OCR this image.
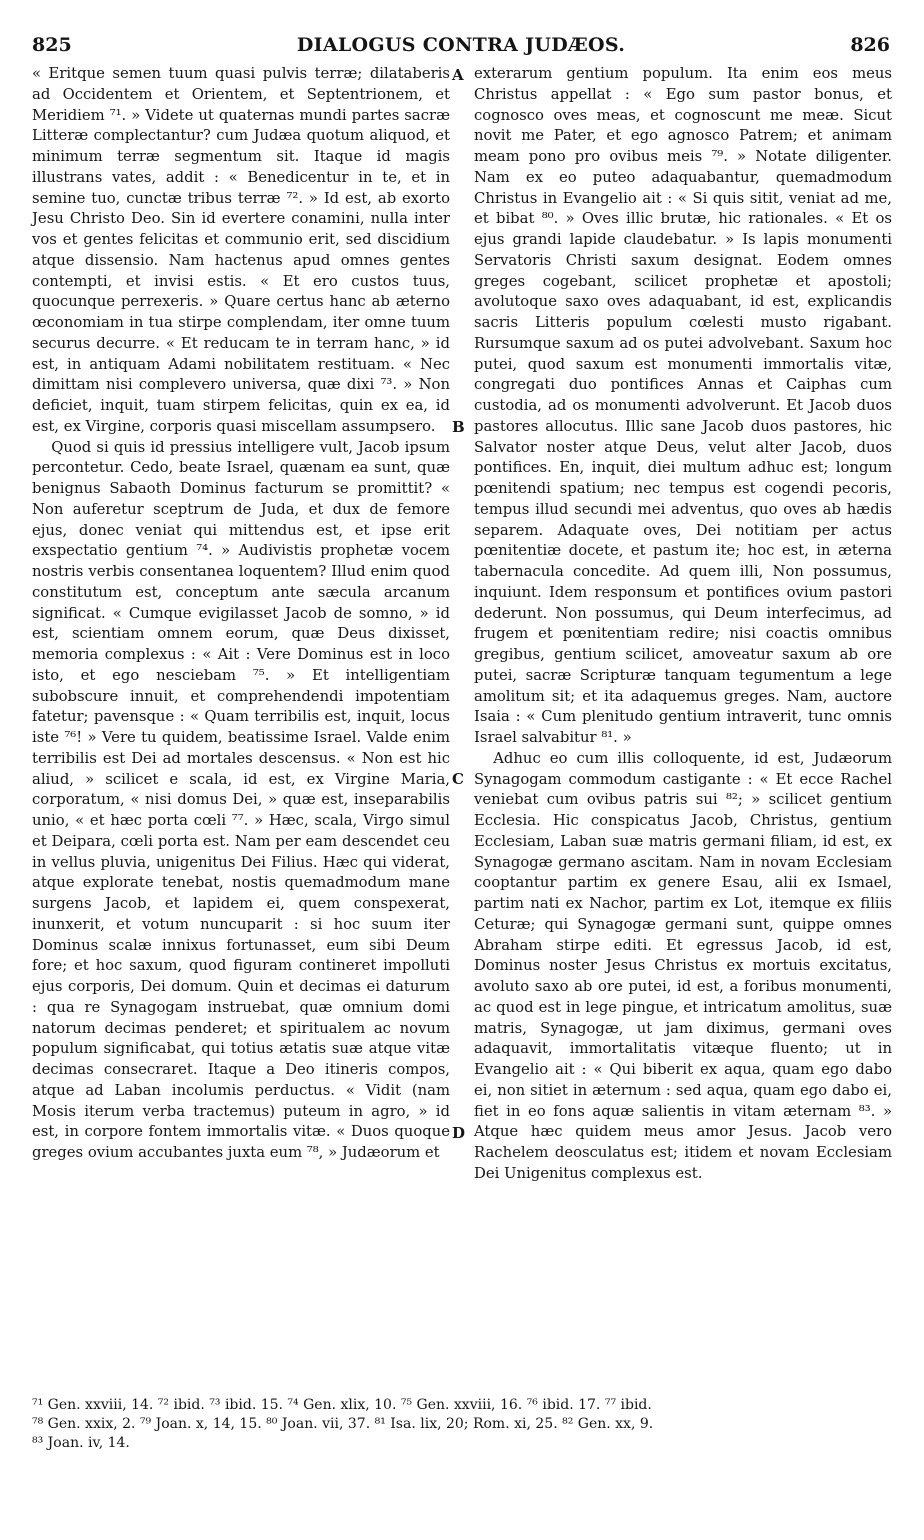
825	DIALOGUS CONTRA JUDÆOS.	826

« Eritque semen tuum quasi pulvis terræ; dilataberis ad Occidentem et Orientem, et Septentrionem, et Meridiem ⁷¹. » Videte ut quaternas mundi partes sacræ Litteræ complectantur? cum Judæa quotum aliquod, et minimum terræ segmentum sit. Itaque id magis illustrans vates, addit : « Benedicentur in te, et in semine tuo, cunctæ tribus terræ ⁷². » Id est, ab exorto Jesu Christo Deo. Sin id evertere conamini, nulla inter vos et gentes felicitas et communio erit, sed discidium atque dissensio. Nam hactenus apud omnes gentes contempti, et invisi estis. « Et ero custos tuus, quocunque perrexeris. » Quare certus hanc ab æterno œconomiam in tua stirpe complendam, iter omne tuum securus decurre. « Et reducam te in terram hanc, » id est, in antiquam Adami nobilitatem restituam. « Nec dimittam nisi complevero universa, quæ dixi ⁷³. » Non deficiet, inquit, tuam stirpem felicitas, quin ex ea, id est, ex Virgine, corporis quasi miscellam assumpsero.

Quod si quis id pressius intelligere vult, Jacob ipsum percontetur. Cedo, beate Israel, quænam ea sunt, quæ benignus Sabaoth Dominus facturum se promittit? « Non auferetur sceptrum de Juda, et dux de femore ejus, donec veniat qui mittendus est, et ipse erit exspectatio gentium ⁷⁴. » Audivistis prophetæ vocem nostris verbis consentanea loquentem? Illud enim quod constitutum est, conceptum ante sæcula arcanum significat. « Cumque evigilasset Jacob de somno, » id est, scientiam omnem eorum, quæ Deus dixisset, memoria complexus : « Ait : Vere Dominus est in loco isto, et ego nesciebam ⁷⁵. » Et intelligentiam subobscure innuit, et comprehendendi impotentiam fatetur; pavensque : « Quam terribilis est, inquit, locus iste ⁷⁶! » Vere tu quidem, beatissime Israel. Valde enim terribilis est Dei ad mortales descensus. « Non est hic aliud, » scilicet e scala, id est, ex Virgine Maria, corporatum, « nisi domus Dei, » quæ est, inseparabilis unio, « et hæc porta cœli ⁷⁷. » Hæc, scala, Virgo simul et Deipara, cœli porta est. Nam per eam descendet ceu in vellus pluvia, unigenitus Dei Filius. Hæc qui viderat, atque explorate tenebat, nostis quemadmodum mane surgens Jacob, et lapidem ei, quem conspexerat, inunxerit, et votum nuncuparit : si hoc suum iter Dominus scalæ innixus fortunasset, eum sibi Deum fore; et hoc saxum, quod figuram contineret impolluti ejus corporis, Dei domum. Quin et decimas ei daturum : qua re Synagogam instruebat, quæ omnium domi natorum decimas penderet; et spiritualem ac novum populum significabat, qui totius ætatis suæ atque vitæ decimas consecraret. Itaque a Deo itineris compos, atque ad Laban incolumis perductus. « Vidit (nam Mosis iterum verba tractemus) puteum in agro, » id est, in corpore fontem immortalis vitæ. « Duos quoque greges ovium accubantes juxta eum ⁷⁸, » Judæorum et

A
B
C
D

exterarum gentium populum. Ita enim eos meus Christus appellat : « Ego sum pastor bonus, et cognosco oves meas, et cognoscunt me meæ. Sicut novit me Pater, et ego agnosco Patrem; et animam meam pono pro ovibus meis ⁷⁹. » Notate diligenter. Nam ex eo puteo adaquabantur, quemadmodum Christus in Evangelio ait : « Si quis sitit, veniat ad me, et bibat ⁸⁰. » Oves illic brutæ, hic rationales. « Et os ejus grandi lapide claudebatur. » Is lapis monumenti Servatoris Christi saxum designat. Eodem omnes greges cogebant, scilicet prophetæ et apostoli; avolutoque saxo oves adaquabant, id est, explicandis sacris Litteris populum cœlesti musto rigabant. Rursumque saxum ad os putei advolvebant. Saxum hoc putei, quod saxum est monumenti immortalis vitæ, congregati duo pontifices Annas et Caiphas cum custodia, ad os monumenti advolverunt. Et Jacob duos pastores allocutus. Illic sane Jacob duos pastores, hic Salvator noster atque Deus, velut alter Jacob, duos pontifices. En, inquit, diei multum adhuc est; longum pœnitendi spatium; nec tempus est cogendi pecoris, tempus illud secundi mei adventus, quo oves ab hædis separem. Adaquate oves, Dei notitiam per actus pœnitentiæ docete, et pastum ite; hoc est, in æterna tabernacula concedite. Ad quem illi, Non possumus, inquiunt. Idem responsum et pontifices ovium pastori dederunt. Non possumus, qui Deum interfecimus, ad frugem et pœnitentiam redire; nisi coactis omnibus gregibus, gentium scilicet, amoveatur saxum ab ore putei, sacræ Scripturæ tanquam tegumentum a lege amolitum sit; et ita adaquemus greges. Nam, auctore Isaia : « Cum plenitudo gentium intraverit, tunc omnis Israel salvabitur ⁸¹. »

Adhuc eo cum illis colloquente, id est, Judæorum Synagogam commodum castigante : « Et ecce Rachel veniebat cum ovibus patris sui ⁸²; » scilicet gentium Ecclesia. Hic conspicatus Jacob, Christus, gentium Ecclesiam, Laban suæ matris germani filiam, id est, ex Synagogæ germano ascitam. Nam in novam Ecclesiam cooptantur partim ex genere Esau, alii ex Ismael, partim nati ex Nachor, partim ex Lot, itemque ex filiis Ceturæ; qui Synagogæ germani sunt, quippe omnes Abraham stirpe editi. Et egressus Jacob, id est, Dominus noster Jesus Christus ex mortuis excitatus, avoluto saxo ab ore putei, id est, a foribus monumenti, ac quod est in lege pingue, et intricatum amolitus, suæ matris, Synagogæ, ut jam diximus, germani oves adaquavit, immortalitatis vitæque fluento; ut in Evangelio ait : « Qui biberit ex aqua, quam ego dabo ei, non sitiet in æternum : sed aqua, quam ego dabo ei, fiet in eo fons aquæ salientis in vitam æternam ⁸³. » Atque hæc quidem meus amor Jesus. Jacob vero Rachelem deosculatus est; itidem et novam Ecclesiam Dei Unigenitus complexus est.

⁷¹ Gen. xxviii, 14. ⁷² ibid. ⁷³ ibid. 15. ⁷⁴ Gen. xlix, 10. ⁷⁵ Gen. xxviii, 16. ⁷⁶ ibid. 17. ⁷⁷ ibid.
⁷⁸ Gen. xxix, 2. ⁷⁹ Joan. x, 14, 15. ⁸⁰ Joan. vii, 37. ⁸¹ Isa. lix, 20; Rom. xi, 25. ⁸² Gen. xx, 9.
⁸³ Joan. iv, 14.
